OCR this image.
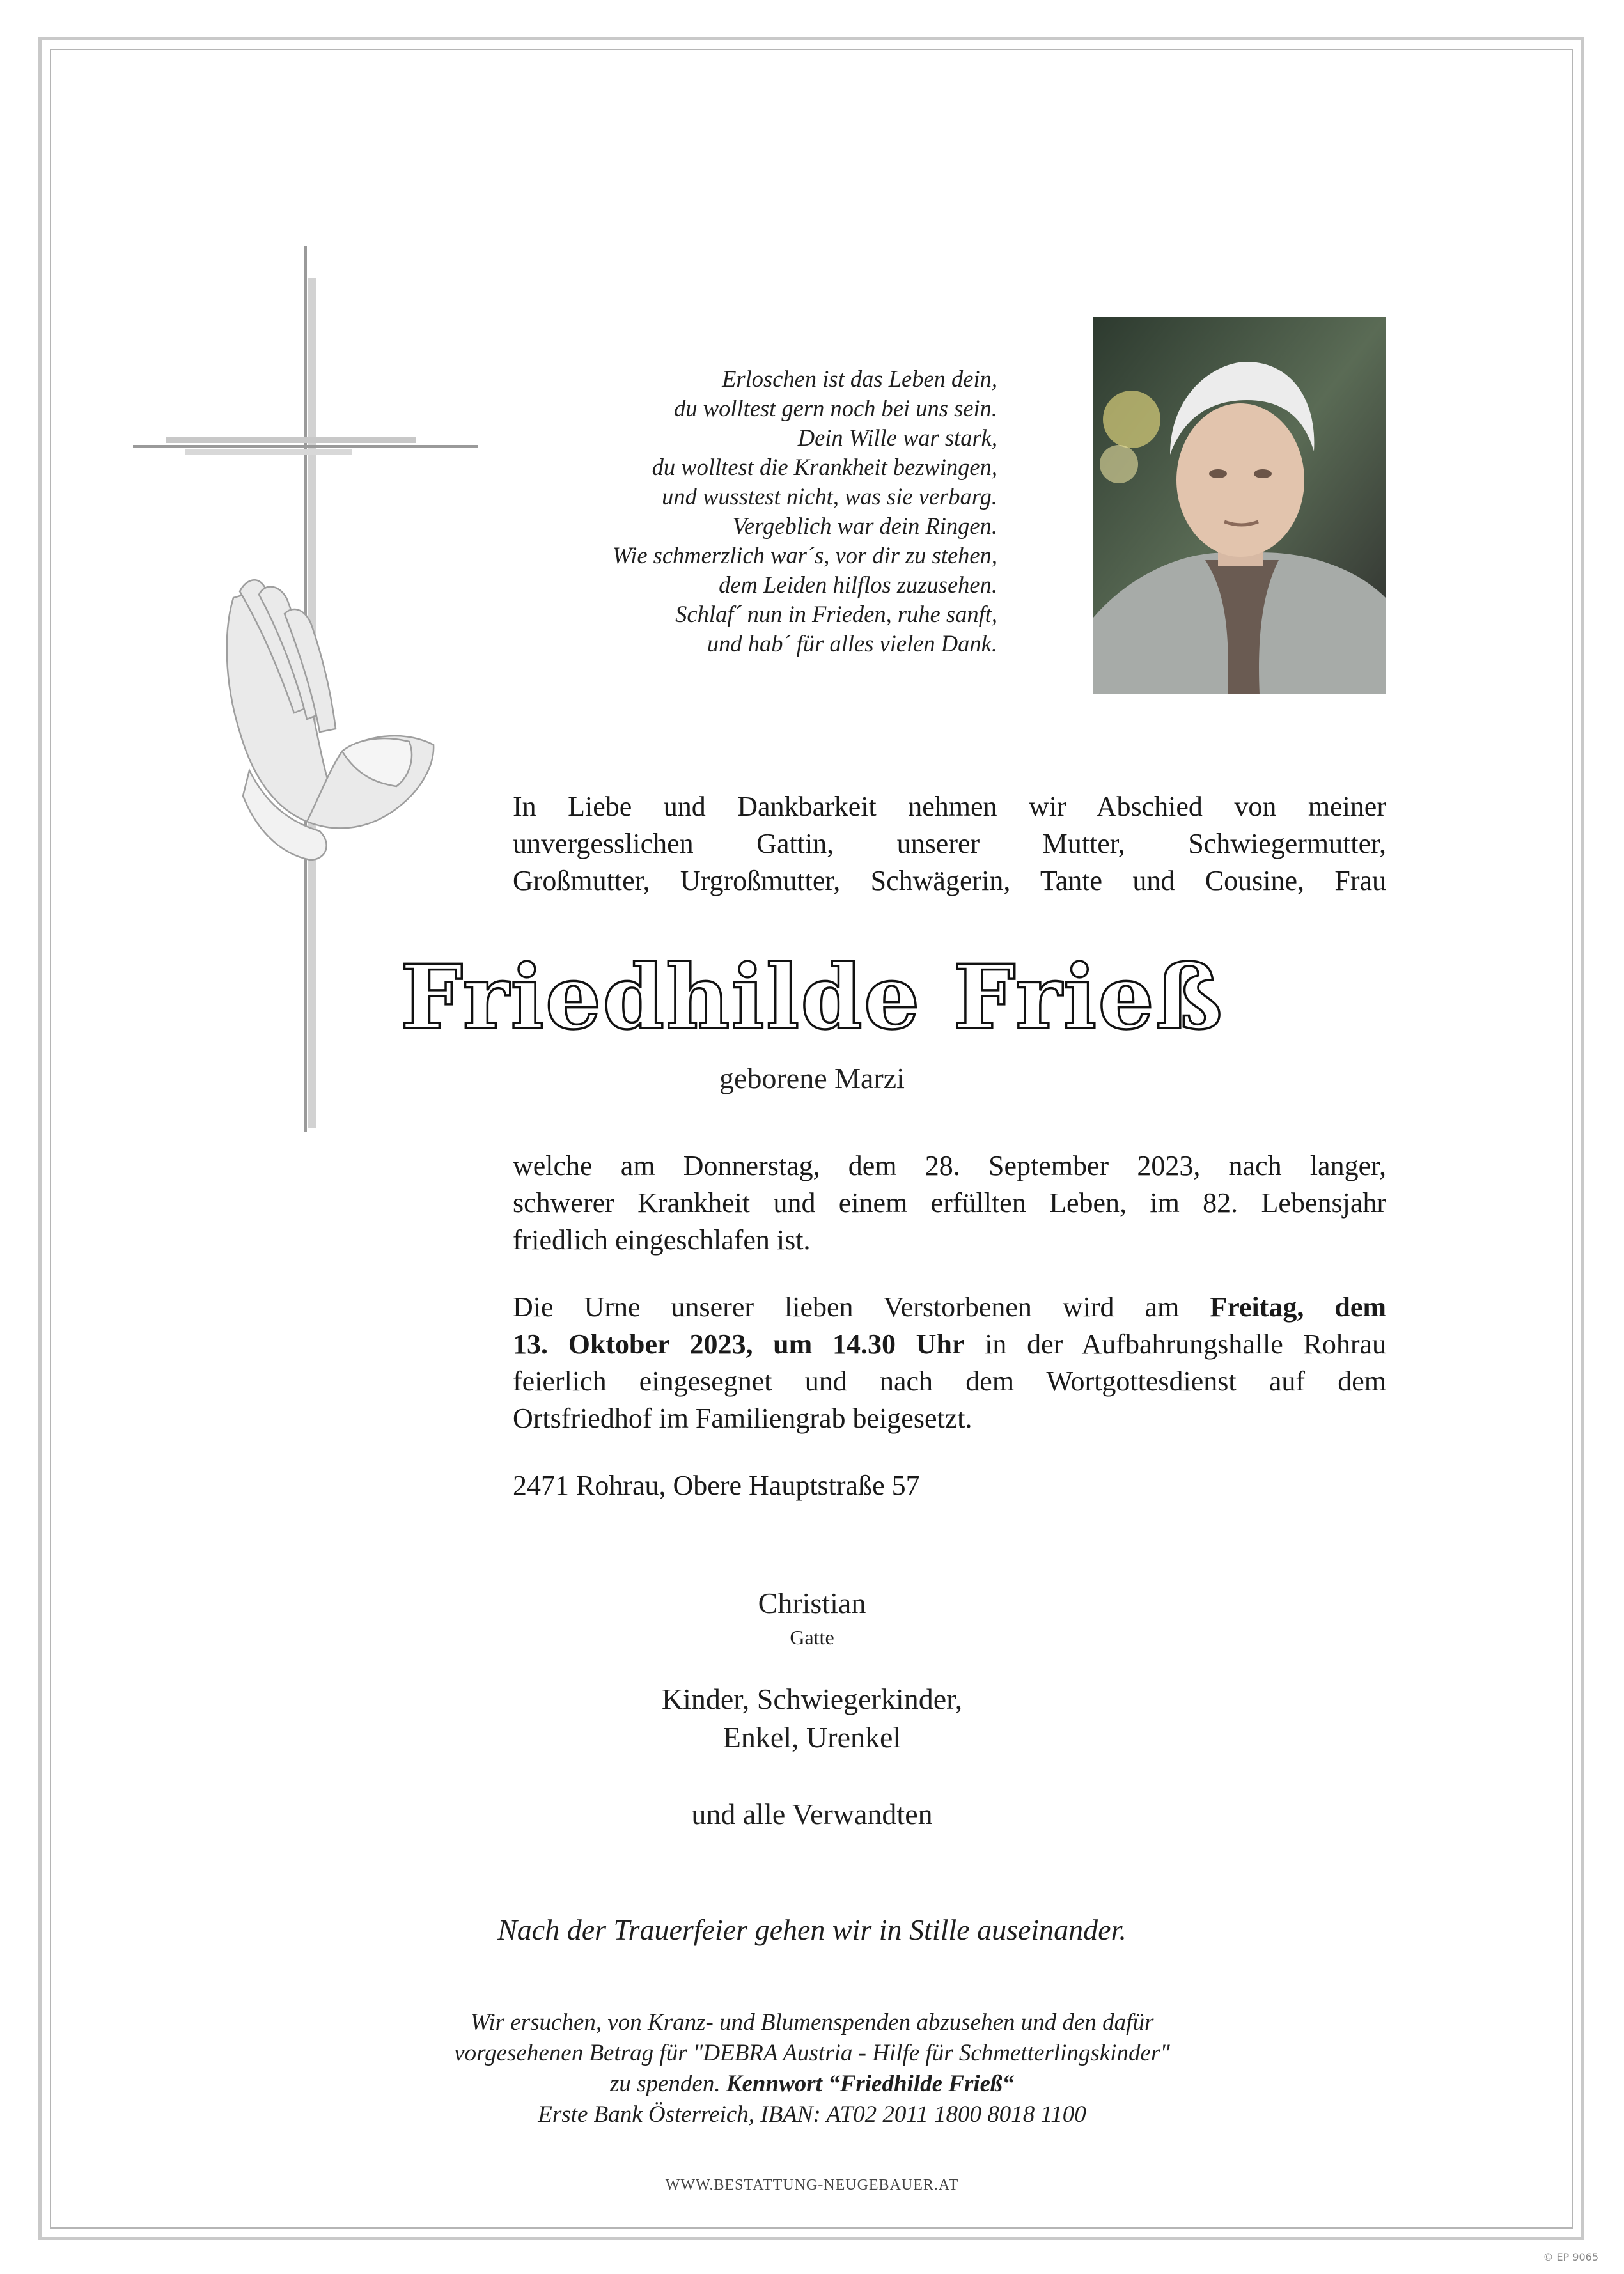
Erloschen ist das Leben dein,
du wolltest gern noch bei uns sein.
Dein Wille war stark,
du wolltest die Krankheit bezwingen,
und wusstest nicht, was sie verbarg.
Vergeblich war dein Ringen.
Wie schmerzlich war´s, vor dir zu stehen,
dem Leiden hilflos zuzusehen.
Schlaf´ nun in Frieden, ruhe sanft,
und hab´ für alles vielen Dank.
In Liebe und Dankbarkeit nehmen wir Abschied von meiner
unvergesslichen Gattin, unserer Mutter, Schwiegermutter,
Großmutter, Urgroßmutter, Schwägerin, Tante und Cousine, Frau
Friedhilde Frieß
geborene Marzi
welche am Donnerstag, dem 28. September 2023, nach langer,
schwerer Krankheit und einem erfüllten Leben, im 82. Lebensjahr
friedlich eingeschlafen ist.
Die Urne unserer lieben Verstorbenen wird am Freitag, dem
13. Oktober 2023, um 14.30 Uhr in der Aufbahrungshalle Rohrau
feierlich eingesegnet und nach dem Wortgottesdienst auf dem
Ortsfriedhof im Familiengrab beigesetzt.
2471 Rohrau, Obere Hauptstraße 57
Christian
Gatte
Kinder, Schwiegerkinder,
Enkel, Urenkel
und alle Verwandten
Nach der Trauerfeier gehen wir in Stille auseinander.
Wir ersuchen, von Kranz- und Blumenspenden abzusehen und den dafür
vorgesehenen Betrag für "DEBRA Austria - Hilfe für Schmetterlingskinder"
zu spenden. Kennwort “Friedhilde Frieß“
Erste Bank Österreich, IBAN: AT02 2011 1800 8018 1100
WWW.BESTATTUNG-NEUGEBAUER.AT
© EP 9065
